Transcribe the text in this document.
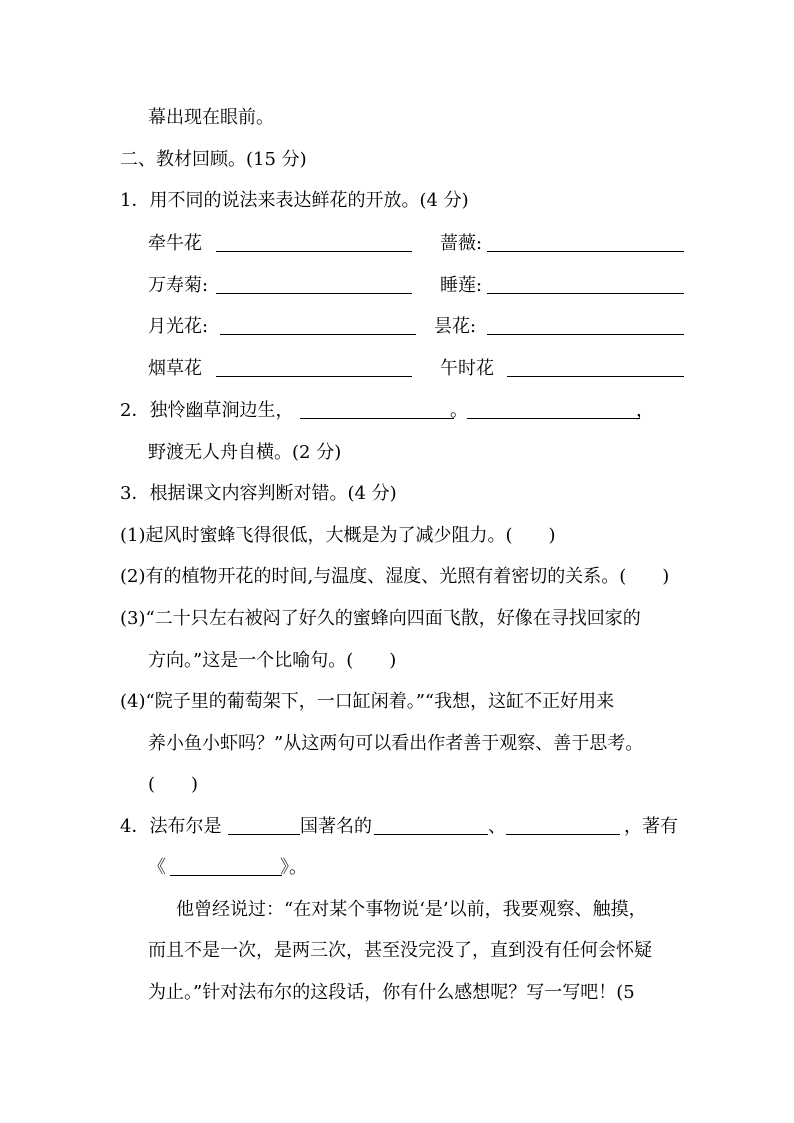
幕出现在眼前。
二、教材回顾。(15 分)
1．用不同的说法来表达鲜花的开放。(4 分)
牵牛花	蔷薇:
万寿菊:	睡莲:
月光花:	昙花:
烟草花	午时花
2．独怜幽草涧边生，	。	，
野渡无人舟自横。(2 分)
3．根据课文内容判断对错。(4 分)
(1)起风时蜜蜂飞得很低，大概是为了减少阻力。(　　)
(2)有的植物开花的时间,与温度、湿度、光照有着密切的关系。(　　)
(3)“二十只左右被闷了好久的蜜蜂向四面飞散，好像在寻找回家的
方向。”这是一个比喻句。(　　)
(4)“院子里的葡萄架下，一口缸闲着。”“我想，这缸不正好用来
养小鱼小虾吗？”从这两句可以看出作者善于观察、善于思考。
(　　)
4．法布尔是	国著名的	、	，著有
《	》。
他曾经说过：“在对某个事物说‘是’以前，我要观察、触摸，
而且不是一次，是两三次，甚至没完没了，直到没有任何会怀疑
为止。”针对法布尔的这段话，你有什么感想呢？写一写吧！(5
